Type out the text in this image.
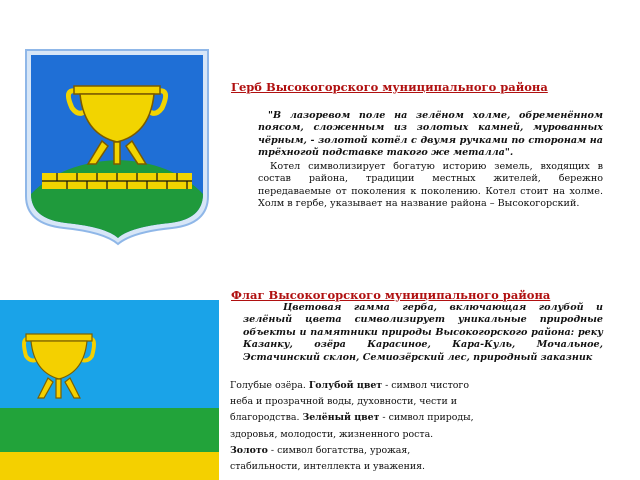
Герб Высокогорского муниципального района

"В лазоревом поле на зелёном холме, обременённом поясом, сложенным из золотых камней, мурованных чёрным, - золотой котёл с двумя ручками по сторонам на трёхногой подставке такого же металла".

Котел символизирует богатую историю земель, входящих в состав района, традиции местных жителей, бережно передаваемые от поколения к поколению. Котел стоит на холме. Холм в гербе, указывает на название района – Высокогорский.

Флаг Высокогорского муниципального района

Цветовая гамма герба, включающая голубой и зелёный цвета символизирует уникальные природные объекты и памятники природы Высокогорского района: реку Казанку, озёра Карасиное, Кара-Куль, Мочальное, Эстачинский склон, Семиозёрский лес, природный заказник

Голубые озёра. Голубой цвет - символ чистого
неба и прозрачной воды, духовности, чести и
благородства. Зелёный цвет - символ природы,
здоровья, молодости, жизненного роста.
Золото - символ богатства, урожая,
стабильности, интеллекта и уважения.
